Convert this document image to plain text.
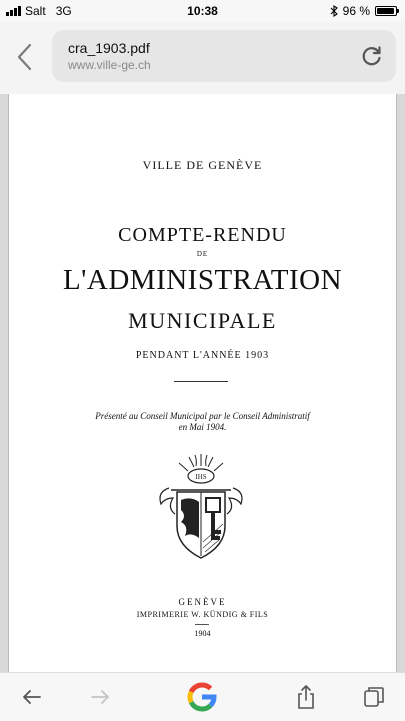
Salt 3G	10:38	96 %
cra_1903.pdf
www.ville-ge.ch
VILLE DE GENÈVE
COMPTE-RENDU
DE
L'ADMINISTRATION
MUNICIPALE
PENDANT L'ANNÉE 1903
Présenté au Conseil Municipal par le Conseil Administratif
en Mai 1904.
IHS
GENÈVE
IMPRIMERIE W. KÜNDIG & FILS
1904
